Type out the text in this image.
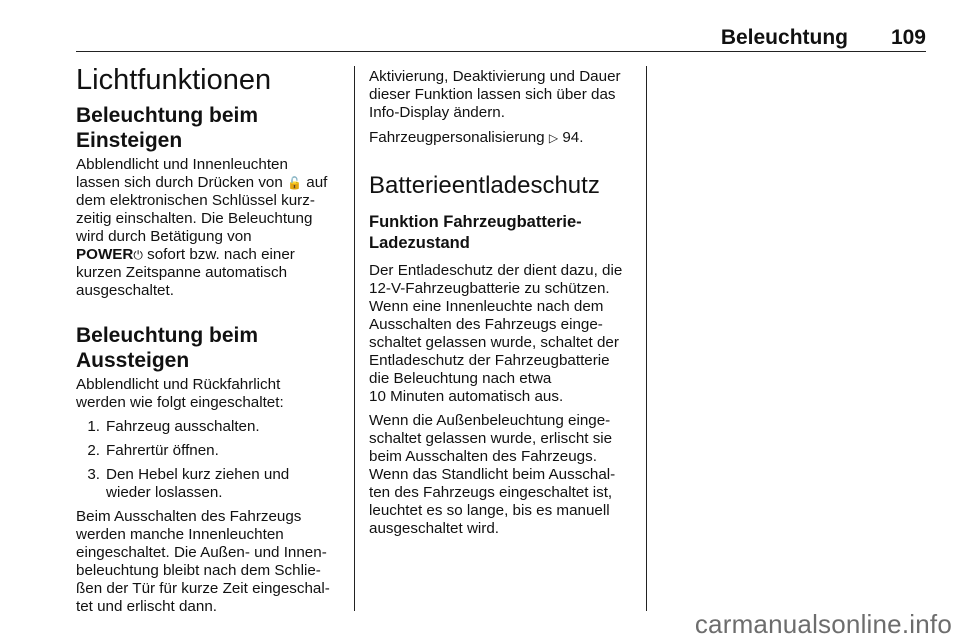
Beleuchtung 109
Lichtfunktionen
Beleuchtung beim
Einsteigen

Abblendlicht und Innenleuchten
lassen sich durch Drücken von 🔓 auf
dem elektronischen Schlüssel kurz-
zeitig einschalten. Die Beleuchtung
wird durch Betätigung von
POWER⏻ sofort bzw. nach einer
kurzen Zeitspanne automatisch
ausgeschaltet.

Beleuchtung beim
Aussteigen

Abblendlicht und Rückfahrlicht
werden wie folgt eingeschaltet:

1. Fahrzeug ausschalten.
2. Fahrertür öffnen.
3. Den Hebel kurz ziehen und
wieder loslassen.

Beim Ausschalten des Fahrzeugs
werden manche Innenleuchten
eingeschaltet. Die Außen- und Innen-
beleuchtung bleibt nach dem Schlie-
ßen der Tür für kurze Zeit eingeschal-
tet und erlischt dann.

Aktivierung, Deaktivierung und Dauer
dieser Funktion lassen sich über das
Info-Display ändern.

Fahrzeugpersonalisierung ▷ 94.

Batterieentladeschutz
Funktion Fahrzeugbatterie-
Ladezustand

Der Entladeschutz der dient dazu, die
12-V-Fahrzeugbatterie zu schützen.
Wenn eine Innenleuchte nach dem
Ausschalten des Fahrzeugs einge-
schaltet gelassen wurde, schaltet der
Entladeschutz der Fahrzeugbatterie
die Beleuchtung nach etwa
10 Minuten automatisch aus.

Wenn die Außenbeleuchtung einge-
schaltet gelassen wurde, erlischt sie
beim Ausschalten des Fahrzeugs.
Wenn das Standlicht beim Ausschal-
ten des Fahrzeugs eingeschaltet ist,
leuchtet es so lange, bis es manuell
ausgeschaltet wird.

carmanualsonline.info
